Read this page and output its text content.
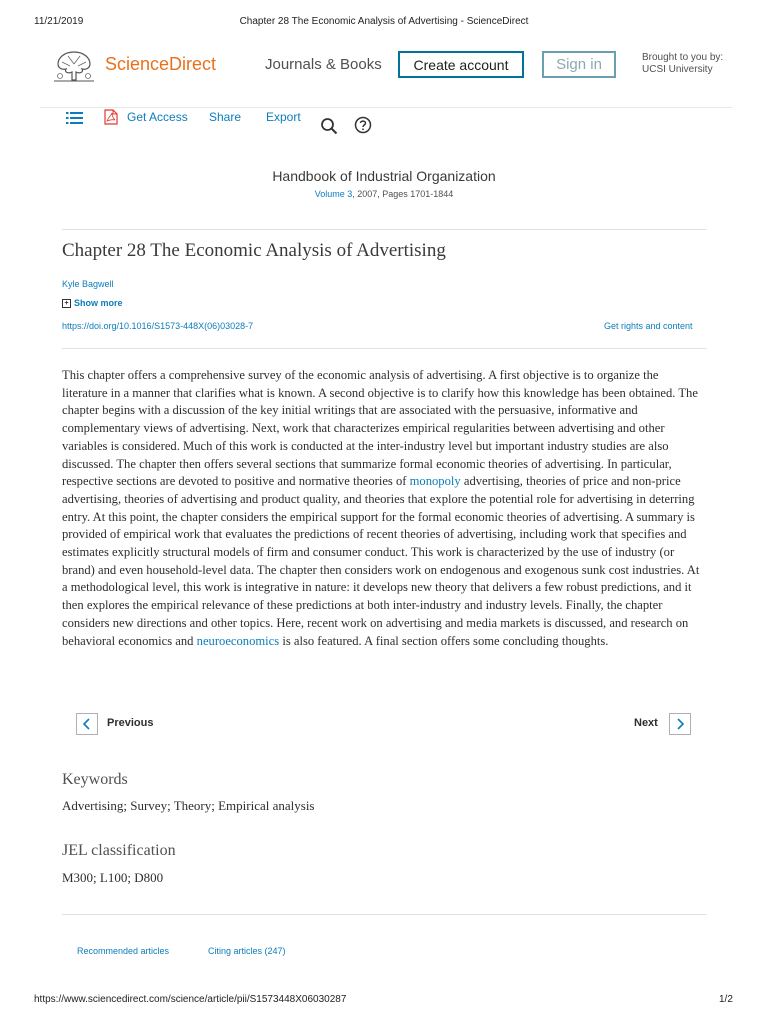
11/21/2019	Chapter 28 The Economic Analysis of Advertising - ScienceDirect
ScienceDirect	Journals & Books	Create account	Sign in	Brought to you by:
UCSI University
Get Access Share Export
Handbook of Industrial Organization
Volume 3, 2007, Pages 1701-1844
Chapter 28 The Economic Analysis of Advertising
Kyle Bagwell
+ Show more
https://doi.org/10.1016/S1573-448X(06)03028-7	Get rights and content
This chapter offers a comprehensive survey of the economic analysis of advertising. A first objective is to organize the literature in a manner that clarifies what is known. A second objective is to clarify how this knowledge has been obtained. The chapter begins with a discussion of the key initial writings that are associated with the persuasive, informative and complementary views of advertising. Next, work that characterizes empirical regularities between advertising and other variables is considered. Much of this work is conducted at the inter-industry level but important industry studies are also discussed. The chapter then offers several sections that summarize formal economic theories of advertising. In particular, respective sections are devoted to positive and normative theories of monopoly advertising, theories of price and non-price advertising, theories of advertising and product quality, and theories that explore the potential role for advertising in deterring entry. At this point, the chapter considers the empirical support for the formal economic theories of advertising. A summary is provided of empirical work that evaluates the predictions of recent theories of advertising, including work that specifies and estimates explicitly structural models of firm and consumer conduct. This work is characterized by the use of industry (or brand) and even household-level data. The chapter then considers work on endogenous and exogenous sunk cost industries. At a methodological level, this work is integrative in nature: it develops new theory that delivers a few robust predictions, and it then explores the empirical relevance of these predictions at both inter-industry and industry levels. Finally, the chapter considers new directions and other topics. Here, recent work on advertising and media markets is discussed, and research on behavioral economics and neuroeconomics is also featured. A final section offers some concluding thoughts.
Previous	Next
Keywords
Advertising; Survey; Theory; Empirical analysis
JEL classification
M300; L100; D800
Recommended articles	Citing articles (247)
https://www.sciencedirect.com/science/article/pii/S1573448X06030287	1/2
